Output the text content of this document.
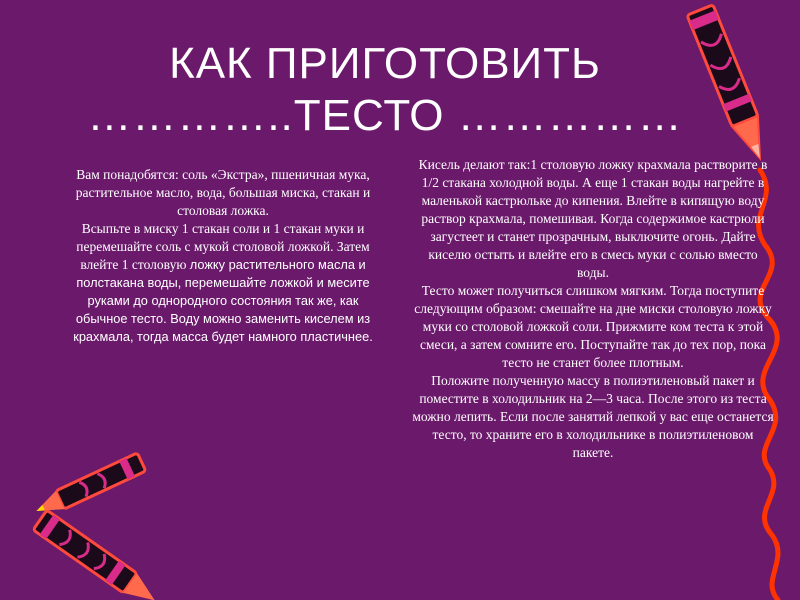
КАК ПРИГОТОВИТЬ
…………..ТЕСТО ……………

Вам понадобятся: соль «Экстра», пшеничная мука, растительное масло, вода, большая миска, стакан и столовая ложка.

Всыпьте в миску 1 стакан соли и 1 стакан муки и перемешайте соль с мукой столовой ложкой. Затем влейте 1 столовую ложку растительного масла и полстакана воды, перемешайте ложкой и месите руками до однородного состояния так же, как обычное тесто. Воду можно заменить киселем из крахмала, тогда масса будет намного пластичнее.

Кисель делают так:1 столовую ложку крахмала растворите в 1/2 стакана холодной воды. А еще 1 стакан воды нагрейте в маленькой кастрюльке до кипения. Влейте в кипящую воду раствор крахмала, помешивая. Когда содержимое кастрюли загустеет и станет прозрачным, выключите огонь. Дайте киселю остыть и влейте его в смесь муки с солью вместо воды.

Тесто может получиться слишком мягким. Тогда поступите следующим образом: смешайте на дне миски столовую ложку муки со столовой ложкой соли. Прижмите ком теста к этой смеси, а затем сомните его. Поступайте так до тех пор, пока тесто не станет более плотным.

Положите полученную массу в полиэтиленовый пакет и поместите в холодильник на 2—3 часа. После этого из теста можно лепить. Если после занятий лепкой у вас еще останется тесто, то храните его в холодильнике в полиэтиленовом пакете.
